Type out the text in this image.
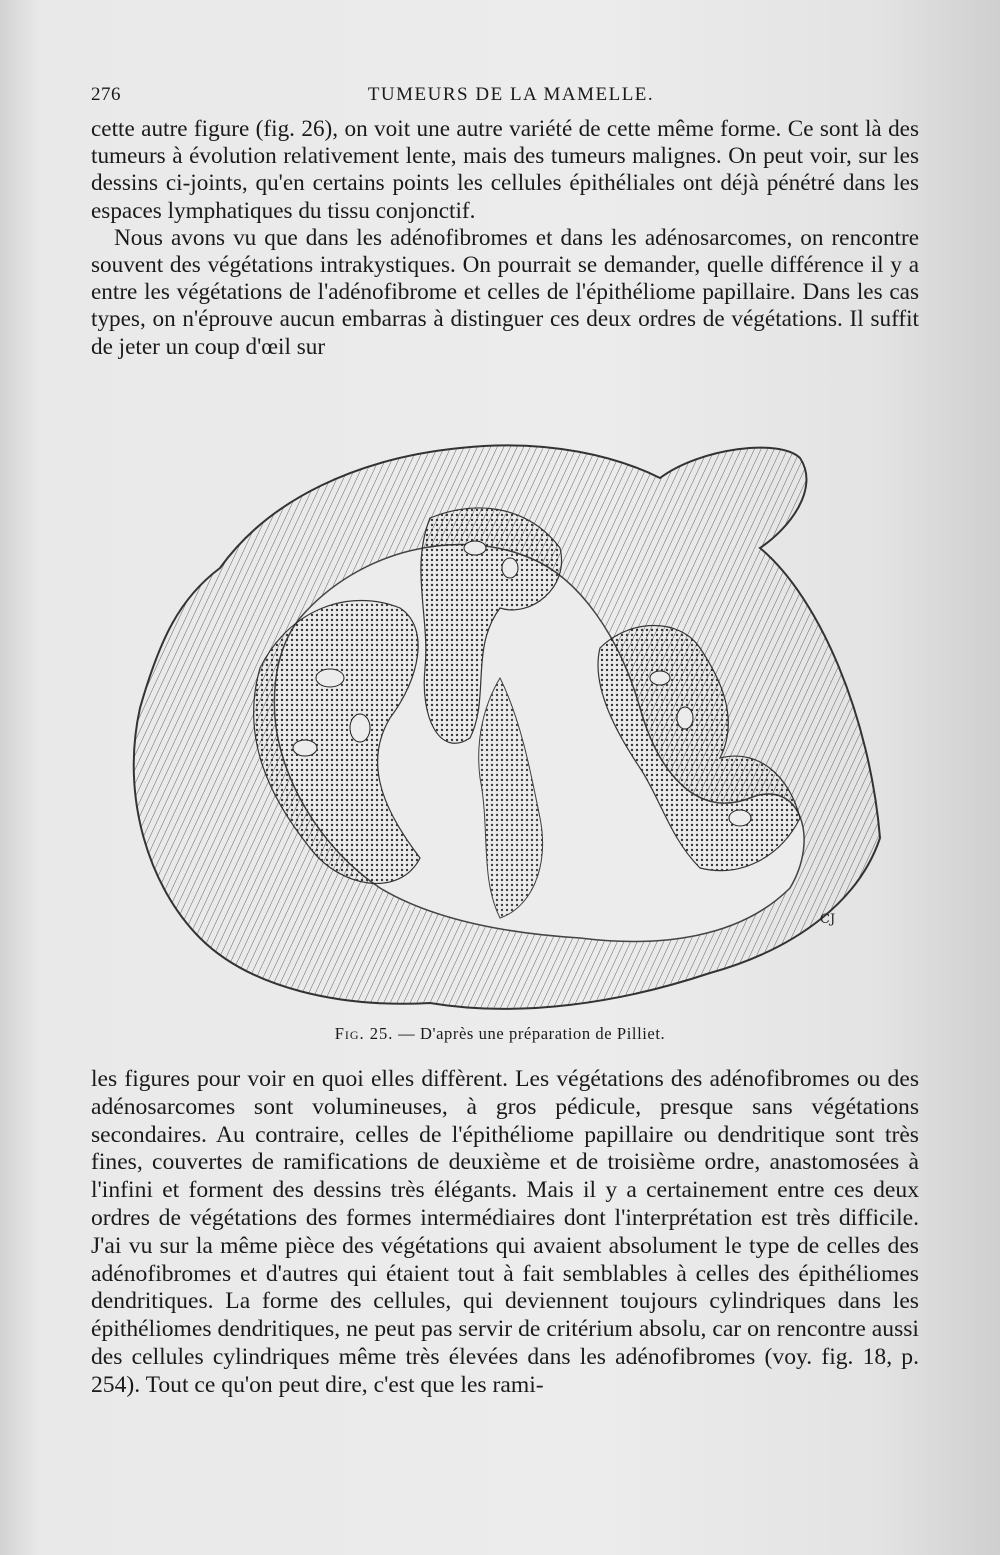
276	TUMEURS DE LA MAMELLE.

cette autre figure (fig. 26), on voit une autre variété de cette même forme. Ce sont là des tumeurs à évolution relativement lente, mais des tumeurs malignes. On peut voir, sur les dessins ci-joints, qu'en certains points les cellules épithéliales ont déjà pénétré dans les espaces lymphatiques du tissu conjonctif.

Nous avons vu que dans les adénofibromes et dans les adénosarcomes, on rencontre souvent des végétations intrakystiques. On pourrait se demander, quelle différence il y a entre les végétations de l'adénofibrome et celles de l'épithéliome papillaire. Dans les cas types, on n'éprouve aucun embarras à distinguer ces deux ordres de végétations. Il suffit de jeter un coup d'œil sur

CJ
Fig. 25. — D'après une préparation de Pilliet.

les figures pour voir en quoi elles diffèrent. Les végétations des adénofibromes ou des adénosarcomes sont volumineuses, à gros pédicule, presque sans végétations secondaires. Au contraire, celles de l'épithéliome papillaire ou dendritique sont très fines, couvertes de ramifications de deuxième et de troisième ordre, anastomosées à l'infini et forment des dessins très élégants. Mais il y a certainement entre ces deux ordres de végétations des formes intermédiaires dont l'interprétation est très difficile. J'ai vu sur la même pièce des végétations qui avaient absolument le type de celles des adénofibromes et d'autres qui étaient tout à fait semblables à celles des épithéliomes dendritiques. La forme des cellules, qui deviennent toujours cylindriques dans les épithéliomes dendritiques, ne peut pas servir de critérium absolu, car on rencontre aussi des cellules cylindriques même très élevées dans les adénofibromes (voy. fig. 18, p. 254). Tout ce qu'on peut dire, c'est que les rami-
